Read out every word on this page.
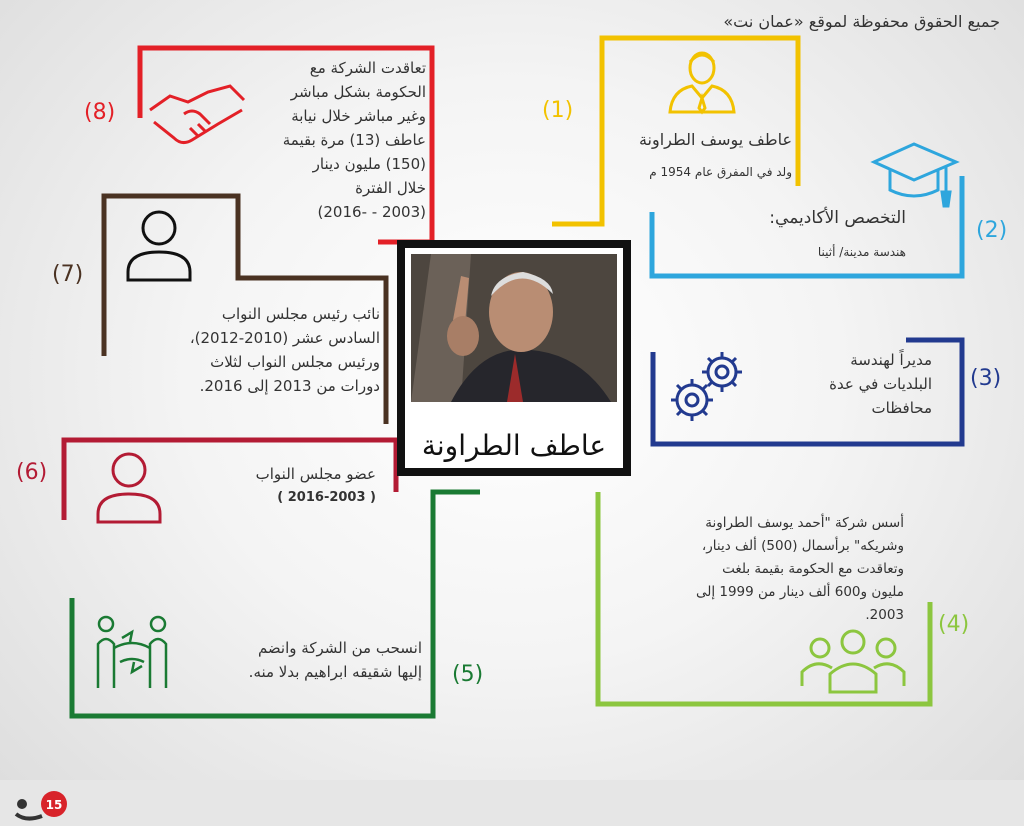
(1)
(2)
(3)
(4)
(5)
(6)
(7)
(8)
عاطف يوسف الطراونة
ولد في المفرق عام 1954 م
التخصص الأكاديمي:
هندسة مدينة/ أثينا
مديراً لهندسة
البلديات في عدة
محافظات
أسس شركة "أحمد يوسف الطراونة
وشريكه" برأسمال (500) ألف دينار،
وتعاقدت مع الحكومة بقيمة بلغت
مليون و600 ألف دينار من 1999 إلى
2003.
انسحب من الشركة وانضم
إليها شقيقه ابراهيم بدلا منه.
عضو مجلس النواب
( 2016-2003 )
نائب رئيس مجلس النواب
السادس عشر (2010-2012)،
ورئيس مجلس النواب لثلاث
دورات من 2013 إلى 2016.
تعاقدت الشركة مع
الحكومة بشكل مباشر
وغير مباشر خلال نيابة
عاطف (13) مرة بقيمة
(150) مليون دينار
خلال الفترة
(2003 - -2016)
عاطف الطراونة
جميع الحقوق محفوظة لموقع «عمان نت»
15
